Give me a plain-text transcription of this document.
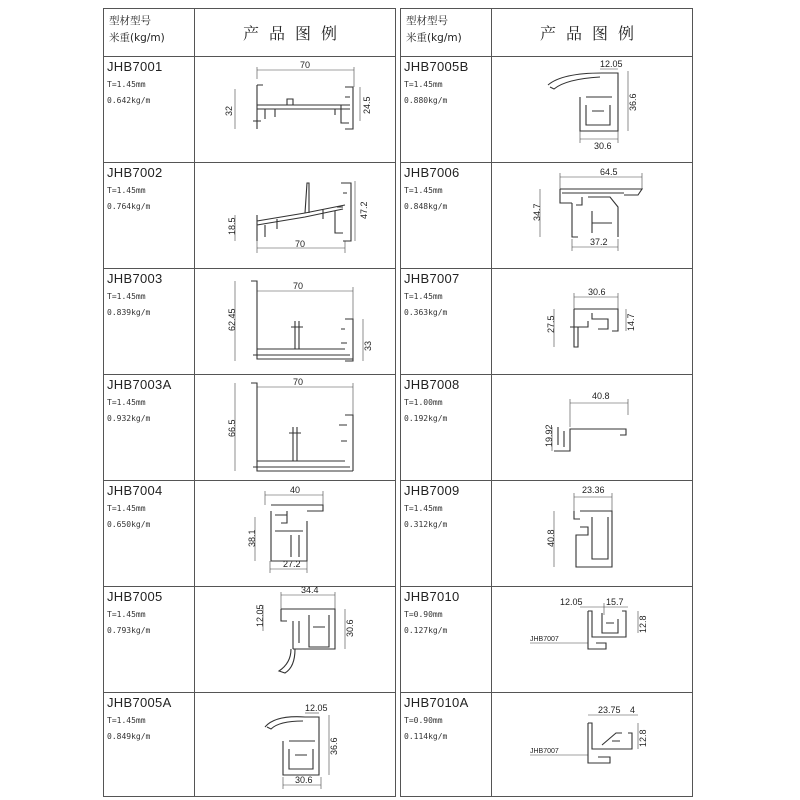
型材型号
米重(kg/m)	产品图例
JHB7001
T=1.45mm
0.642kg/m
70
32	24.5
JHB7002
T=1.45mm
0.764kg/m
18.5
47.2
70
JHB7003
T=1.45mm
0.839kg/m
70
62.45
33
JHB7003A
T=1.45mm
0.932kg/m
70
66.5
JHB7004
T=1.45mm
0.650kg/m
40
38.1
27.2
JHB7005
T=1.45mm
0.793kg/m
34.4
12.05
30.6
JHB7005A
T=1.45mm
0.849kg/m
12.05
36.6
30.6
型材型号
米重(kg/m)	产品图例
JHB7005B
T=1.45mm
0.880kg/m
12.05
36.6
30.6
JHB7006
T=1.45mm
0.848kg/m
64.5
34.7
37.2
JHB7007
T=1.45mm
0.363kg/m
30.6
27.5	14.7
JHB7008
T=1.00mm
0.192kg/m
40.8
19.92
JHB7009
T=1.45mm
0.312kg/m
23.36
40.8
JHB7010
T=0.90mm
0.127kg/m
12.05	15.7
12.8
JHB7007
JHB7010A
T=0.90mm
0.114kg/m
23.75 4
12.8
JHB7007
